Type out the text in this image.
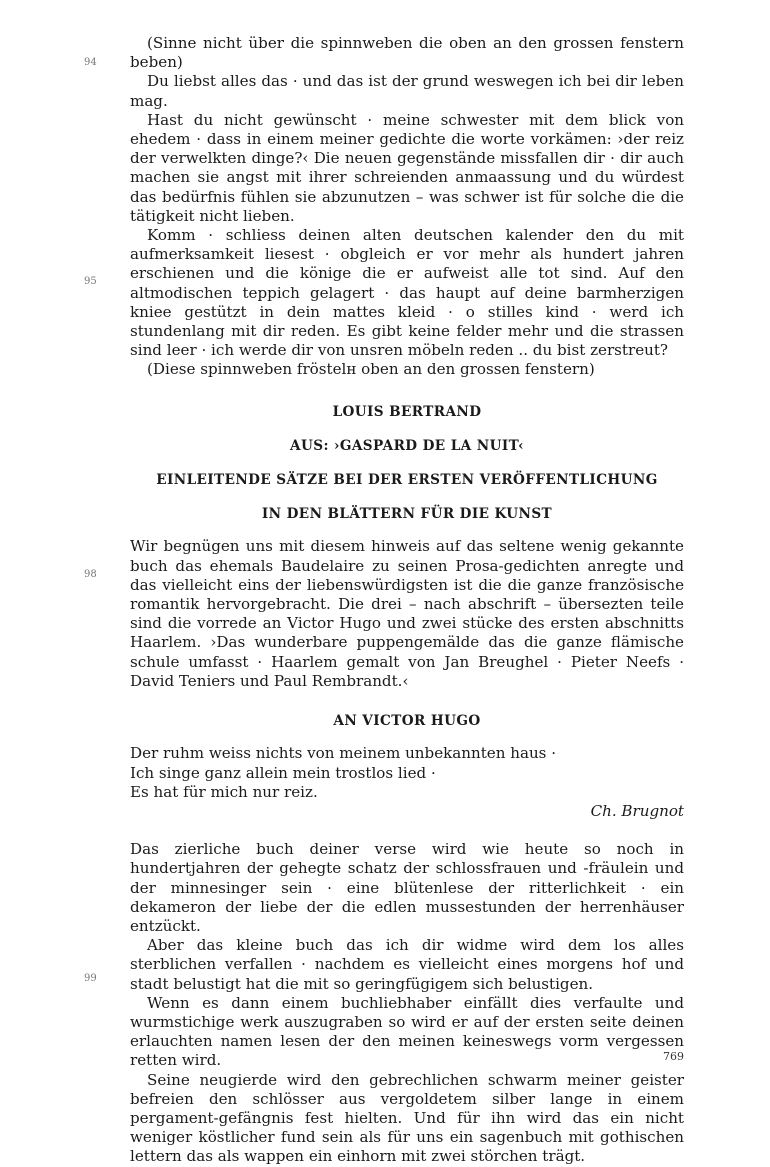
94
95
98
99

(Sinne nicht über die spinnweben die oben an den grossen fenstern beben)

Du liebst alles das · und das ist der grund weswegen ich bei dir leben mag.

Hast du nicht gewünscht · meine schwester mit dem blick von ehedem · dass in einem meiner gedichte die worte vorkämen: ›der reiz der verwelkten dinge?‹ Die neuen gegenstände missfallen dir · dir auch machen sie angst mit ihrer schreienden anmaassung und du würdest das bedürfnis fühlen sie abzunutzen – was schwer ist für solche die die tätigkeit nicht lieben.

Komm · schliess deinen alten deutschen kalender den du mit aufmerksamkeit liesest · obgleich er vor mehr als hundert jahren erschienen und die könige die er aufweist alle tot sind. Auf den altmodischen teppich gelagert · das haupt auf deine barmherzigen kniee gestützt in dein mattes kleid · o stilles kind · werd ich stundenlang mit dir reden. Es gibt keine felder mehr und die strassen sind leer · ich werde dir von unsren möbeln reden .. du bist zerstreut?

(Diese spinnweben fröstelн oben an den grossen fenstern)

LOUIS BERTRAND

AUS: ›GASPARD DE LA NUIT‹

EINLEITENDE SÄTZE BEI DER ERSTEN VERÖFFENTLICHUNG

IN DEN BLÄTTERN FÜR DIE KUNST

Wir begnügen uns mit diesem hinweis auf das seltene wenig gekannte buch das ehemals Baudelaire zu seinen Prosa-gedichten anregte und das vielleicht eins der liebenswürdigsten ist die die ganze französische romantik hervorgebracht. Die drei – nach abschrift – übersezten teile sind die vorrede an Victor Hugo und zwei stücke des ersten abschnitts Haarlem. ›Das wunderbare puppengemälde das die ganze flämische schule umfasst · Haarlem gemalt von Jan Breughel · Pieter Neefs · David Teniers und Paul Rembrandt.‹

AN VICTOR HUGO

Der ruhm weiss nichts von meinem unbekannten haus ·
Ich singe ganz allein mein trostlos lied ·
Es hat für mich nur reiz.

Ch. Brugnot

Das zierliche buch deiner verse wird wie heute so noch in hundertjahren der gehegte schatz der schlossfrauen und -fräulein und der minnesinger sein · eine blütenlese der ritterlichkeit · ein dekameron der liebe der die edlen mussestunden der herrenhäuser entzückt.

Aber das kleine buch das ich dir widme wird dem los alles sterblichen verfallen · nachdem es vielleicht eines morgens hof und stadt belustigt hat die mit so geringfügigem sich belustigen.

Wenn es dann einem buchliebhaber einfällt dies verfaulte und wurmstichige werk auszugraben so wird er auf der ersten seite deinen erlauchten namen lesen der den meinen keineswegs vorm vergessen retten wird.

Seine neugierde wird den gebrechlichen schwarm meiner geister befreien den schlösser aus vergoldetem silber lange in einem pergament-gefängnis fest hielten. Und für ihn wird das ein nicht weniger köstlicher fund sein als für uns ein sagenbuch mit gothischen lettern das als wappen ein einhorn mit zwei störchen trägt.

769
